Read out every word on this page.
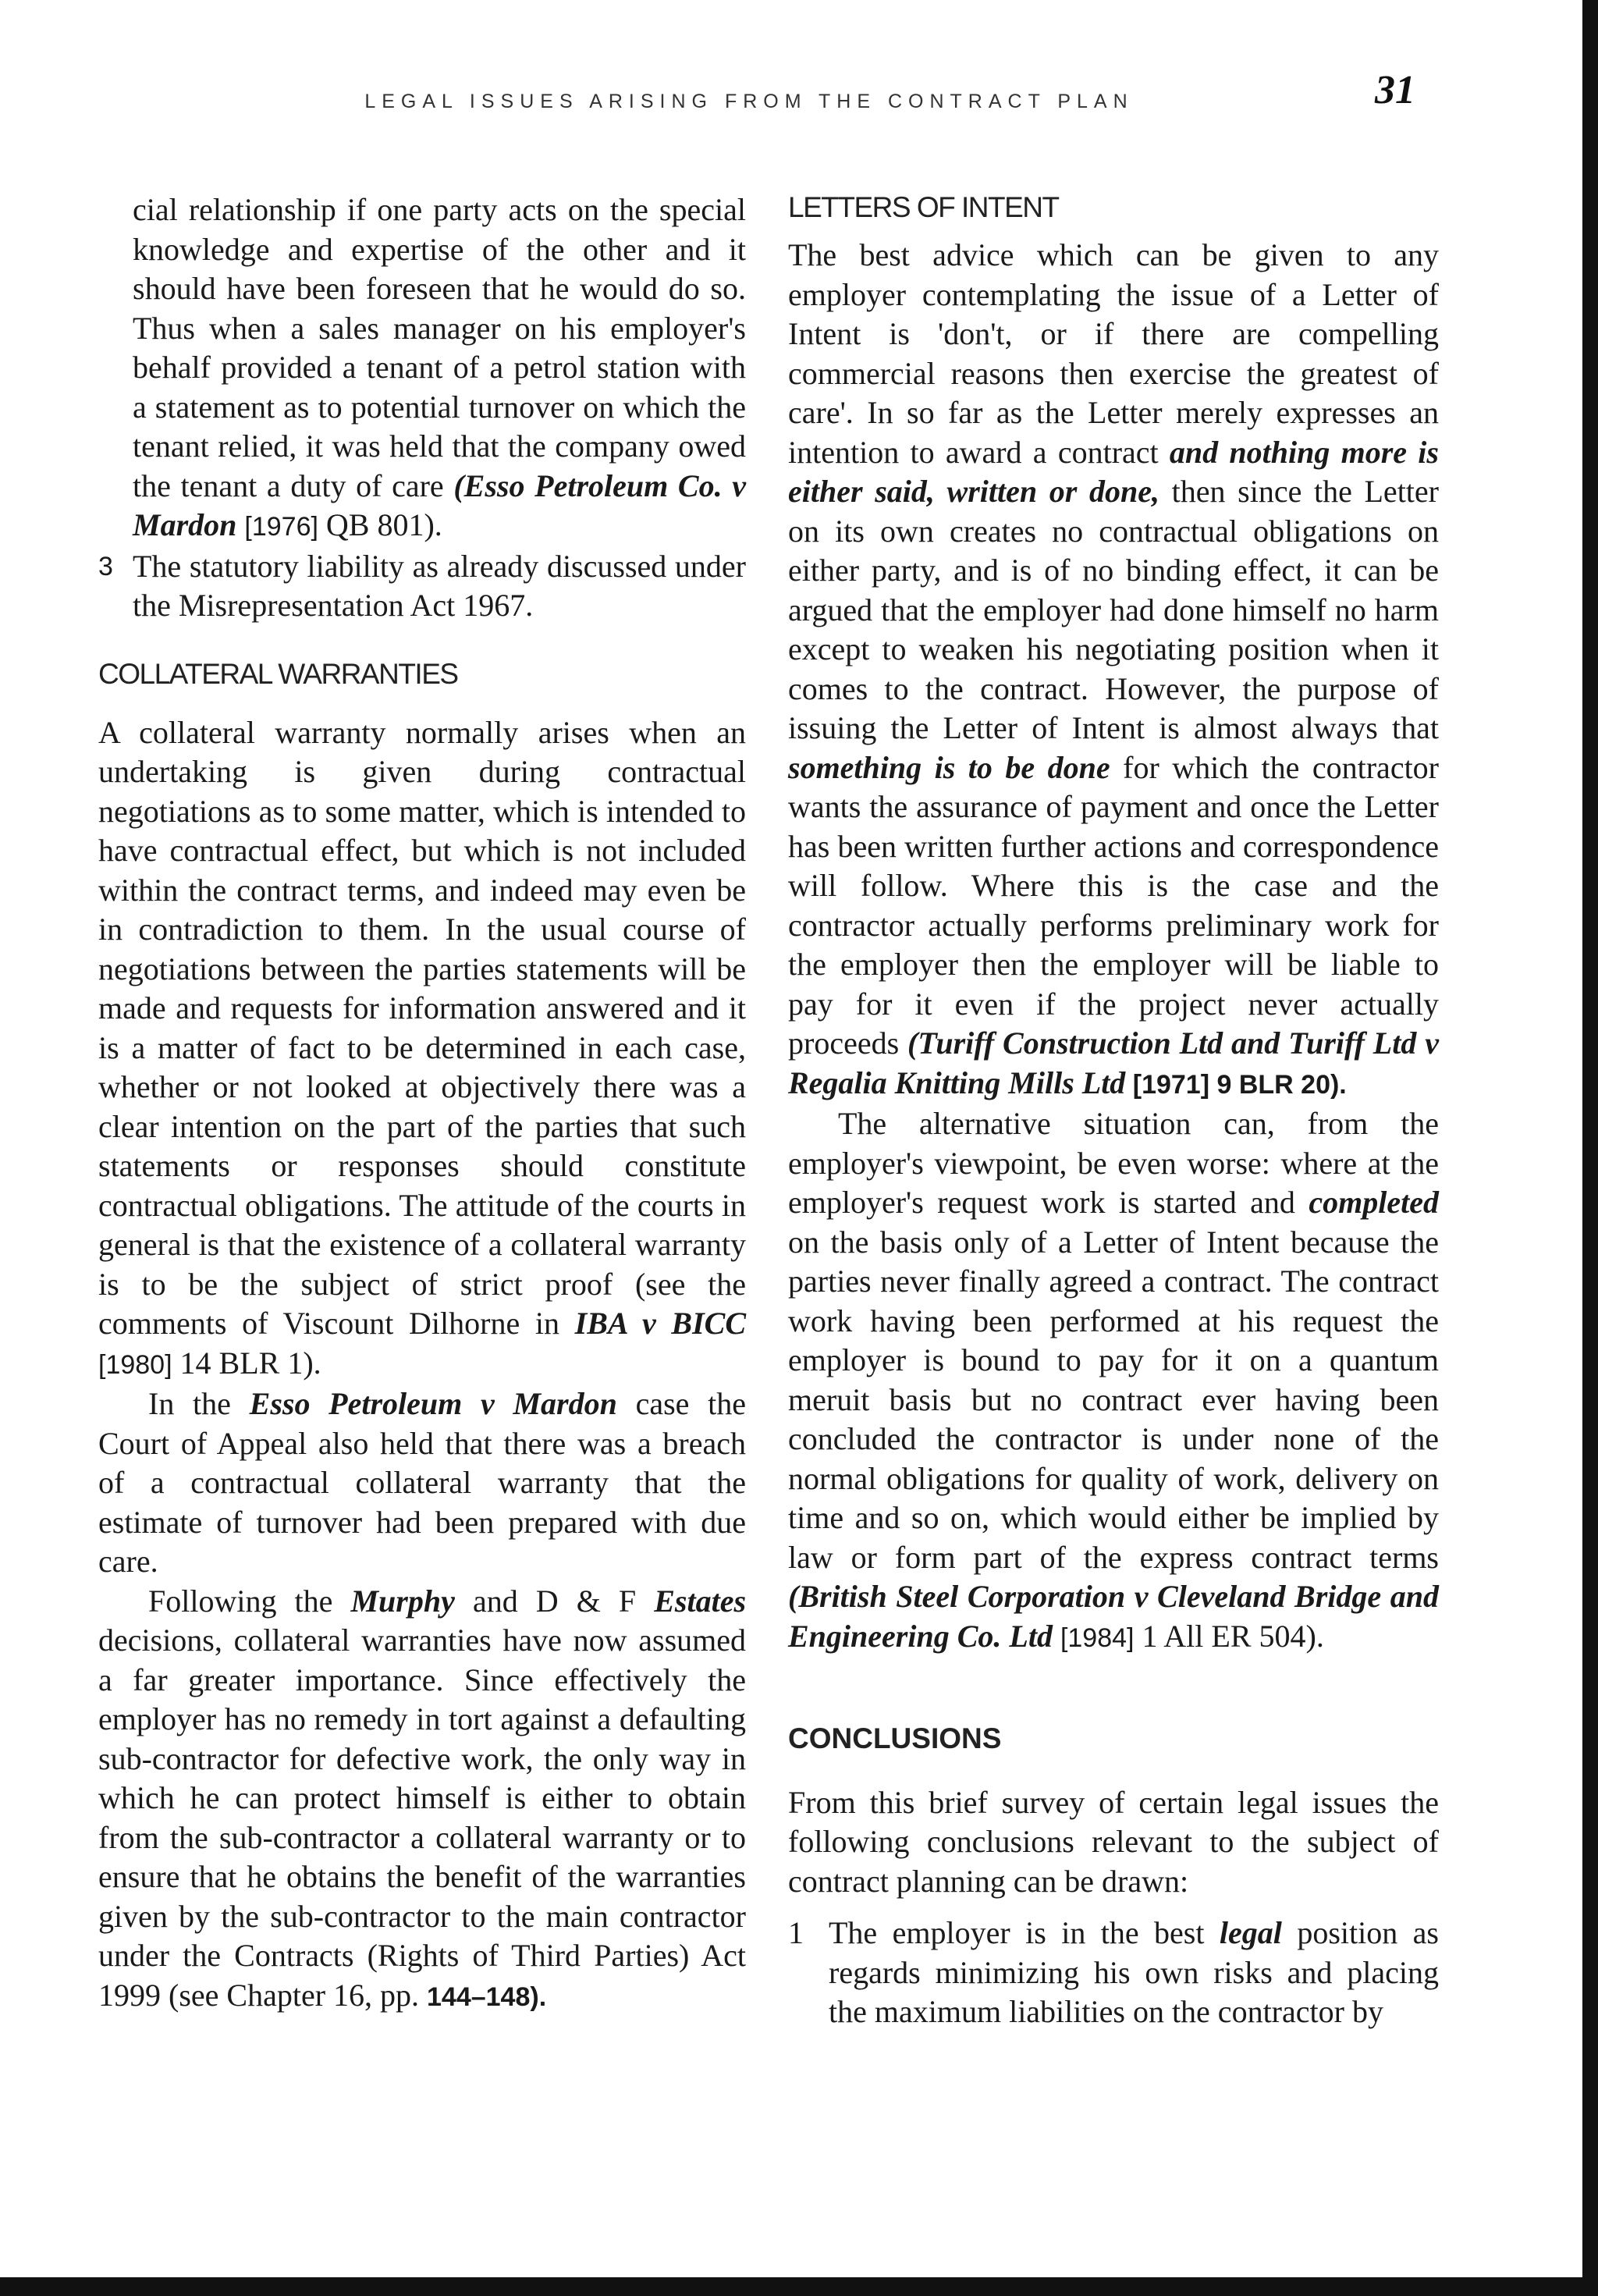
LEGAL ISSUES ARISING FROM THE CONTRACT PLAN	31

cial relationship if one party acts on the special knowledge and expertise of the other and it should have been foreseen that he would do so. Thus when a sales manager on his employer's behalf provided a tenant of a petrol station with a statement as to potential turnover on which the tenant relied, it was held that the company owed the tenant a duty of care (Esso Petroleum Co. v Mardon [1976] QB 801).

3 The statutory liability as already discussed under the Misrepresentation Act 1967.

COLLATERAL WARRANTIES

A collateral warranty normally arises when an undertaking is given during contractual negotiations as to some matter, which is intended to have contractual effect, but which is not included within the contract terms, and indeed may even be in contradiction to them. In the usual course of negotiations between the parties statements will be made and requests for information answered and it is a matter of fact to be determined in each case, whether or not looked at objectively there was a clear intention on the part of the parties that such statements or responses should constitute contractual obligations. The attitude of the courts in general is that the existence of a collateral warranty is to be the subject of strict proof (see the comments of Viscount Dilhorne in IBA v BICC [1980] 14 BLR 1).

In the Esso Petroleum v Mardon case the Court of Appeal also held that there was a breach of a contractual collateral warranty that the estimate of turnover had been prepared with due care.

Following the Murphy and D & F Estates decisions, collateral warranties have now assumed a far greater importance. Since effectively the employer has no remedy in tort against a defaulting sub-contractor for defective work, the only way in which he can protect himself is either to obtain from the sub-contractor a collateral warranty or to ensure that he obtains the benefit of the warranties given by the sub-contractor to the main contractor under the Contracts (Rights of Third Parties) Act 1999 (see Chapter 16, pp. 144–148).

LETTERS OF INTENT

The best advice which can be given to any employer contemplating the issue of a Letter of Intent is 'don't, or if there are compelling commercial reasons then exercise the greatest of care'. In so far as the Letter merely expresses an intention to award a contract and nothing more is either said, written or done, then since the Letter on its own creates no contractual obligations on either party, and is of no binding effect, it can be argued that the employer had done himself no harm except to weaken his negotiating position when it comes to the contract. However, the purpose of issuing the Letter of Intent is almost always that something is to be done for which the contractor wants the assurance of payment and once the Letter has been written further actions and correspondence will follow. Where this is the case and the contractor actually performs preliminary work for the employer then the employer will be liable to pay for it even if the project never actually proceeds (Turiff Construction Ltd and Turiff Ltd v Regalia Knitting Mills Ltd [1971] 9 BLR 20).

The alternative situation can, from the employer's viewpoint, be even worse: where at the employer's request work is started and completed on the basis only of a Letter of Intent because the parties never finally agreed a contract. The contract work having been performed at his request the employer is bound to pay for it on a quantum meruit basis but no contract ever having been concluded the contractor is under none of the normal obligations for quality of work, delivery on time and so on, which would either be implied by law or form part of the express contract terms (British Steel Corporation v Cleveland Bridge and Engineering Co. Ltd [1984] 1 All ER 504).

CONCLUSIONS

From this brief survey of certain legal issues the following conclusions relevant to the subject of contract planning can be drawn:

1 The employer is in the best legal position as regards minimizing his own risks and placing the maximum liabilities on the contractor by
